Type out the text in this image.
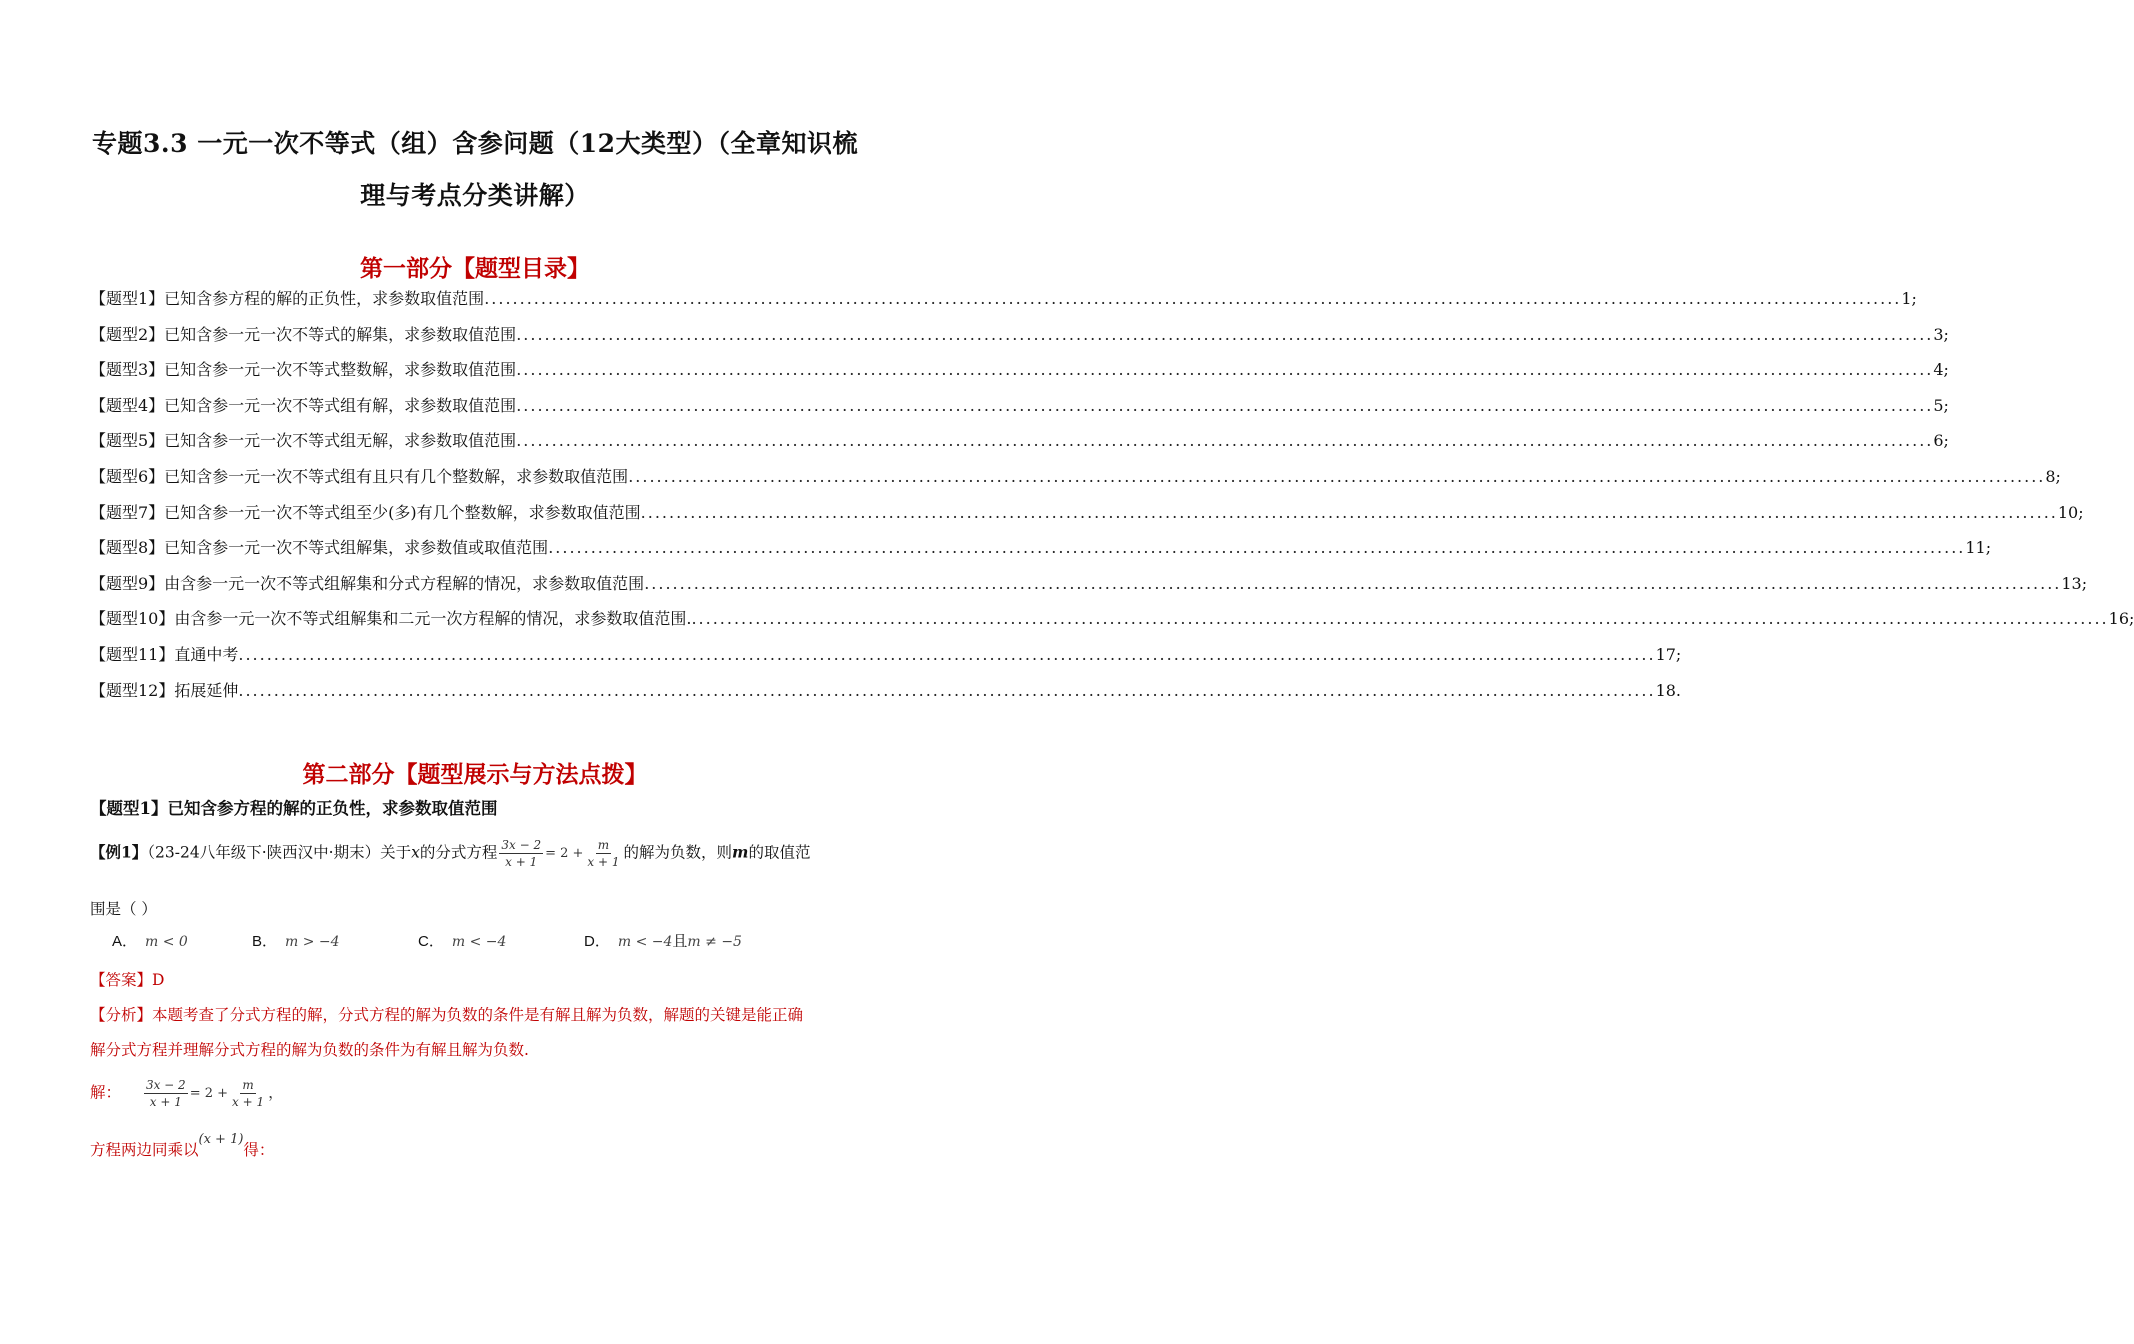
专题3.3 一元一次不等式（组）含参问题（12大类型）（全章知识梳
理与考点分类讲解）
第一部分【题型目录】
【题型1】已知含参方程的解的正负性，求参数取值范围 ........................................................................................................................................................................................................ 1;
【题型2】已知含参一元一次不等式的解集，求参数取值范围 ........................................................................................................................................................................................................ 3;
【题型3】已知含参一元一次不等式整数解，求参数取值范围 ........................................................................................................................................................................................................ 4;
【题型4】已知含参一元一次不等式组有解，求参数取值范围 ........................................................................................................................................................................................................ 5;
【题型5】已知含参一元一次不等式组无解，求参数取值范围 ........................................................................................................................................................................................................ 6;
【题型6】已知含参一元一次不等式组有且只有几个整数解，求参数取值范围 ........................................................................................................................................................................................................ 8;
【题型7】已知含参一元一次不等式组至少(多)有几个整数解，求参数取值范围 ........................................................................................................................................................................................................ 10;
【题型8】已知含参一元一次不等式组解集，求参数值或取值范围 ........................................................................................................................................................................................................ 11;
【题型9】由含参一元一次不等式组解集和分式方程解的情况，求参数取值范围 ........................................................................................................................................................................................................ 13;
【题型10】由含参一元一次不等式组解集和二元一次方程解的情况，求参数取值范围. ........................................................................................................................................................................................................ 16;
【题型11】直通中考 ........................................................................................................................................................................................................ 17;
【题型12】拓展延伸 ........................................................................................................................................................................................................ 18.
第二部分【题型展示与方法点拨】
【题型1】已知含参方程的解的正负性，求参数取值范围
【例1】（23-24八年级下·陕西汉中·期末）关于x的分式方程 $\frac{3x - 2}{x + 1} = 2 + \frac{m}{x + 1}$ 的解为负数，则m的取值范
围是（ ）
A． m < 0	B． m > −4	C． m < −4	D． m < −4且m ≠ −5
【答案】D
【分析】本题考查了分式方程的解，分式方程的解为负数的条件是有解且解为负数，解题的关键是能正确
解分式方程并理解分式方程的解为负数的条件为有解且解为负数.
解： $\frac{3x - 2}{x + 1} = 2 + \frac{m}{x + 1}$ ，
方程两边同乘以$^{(x + 1)}$得：
